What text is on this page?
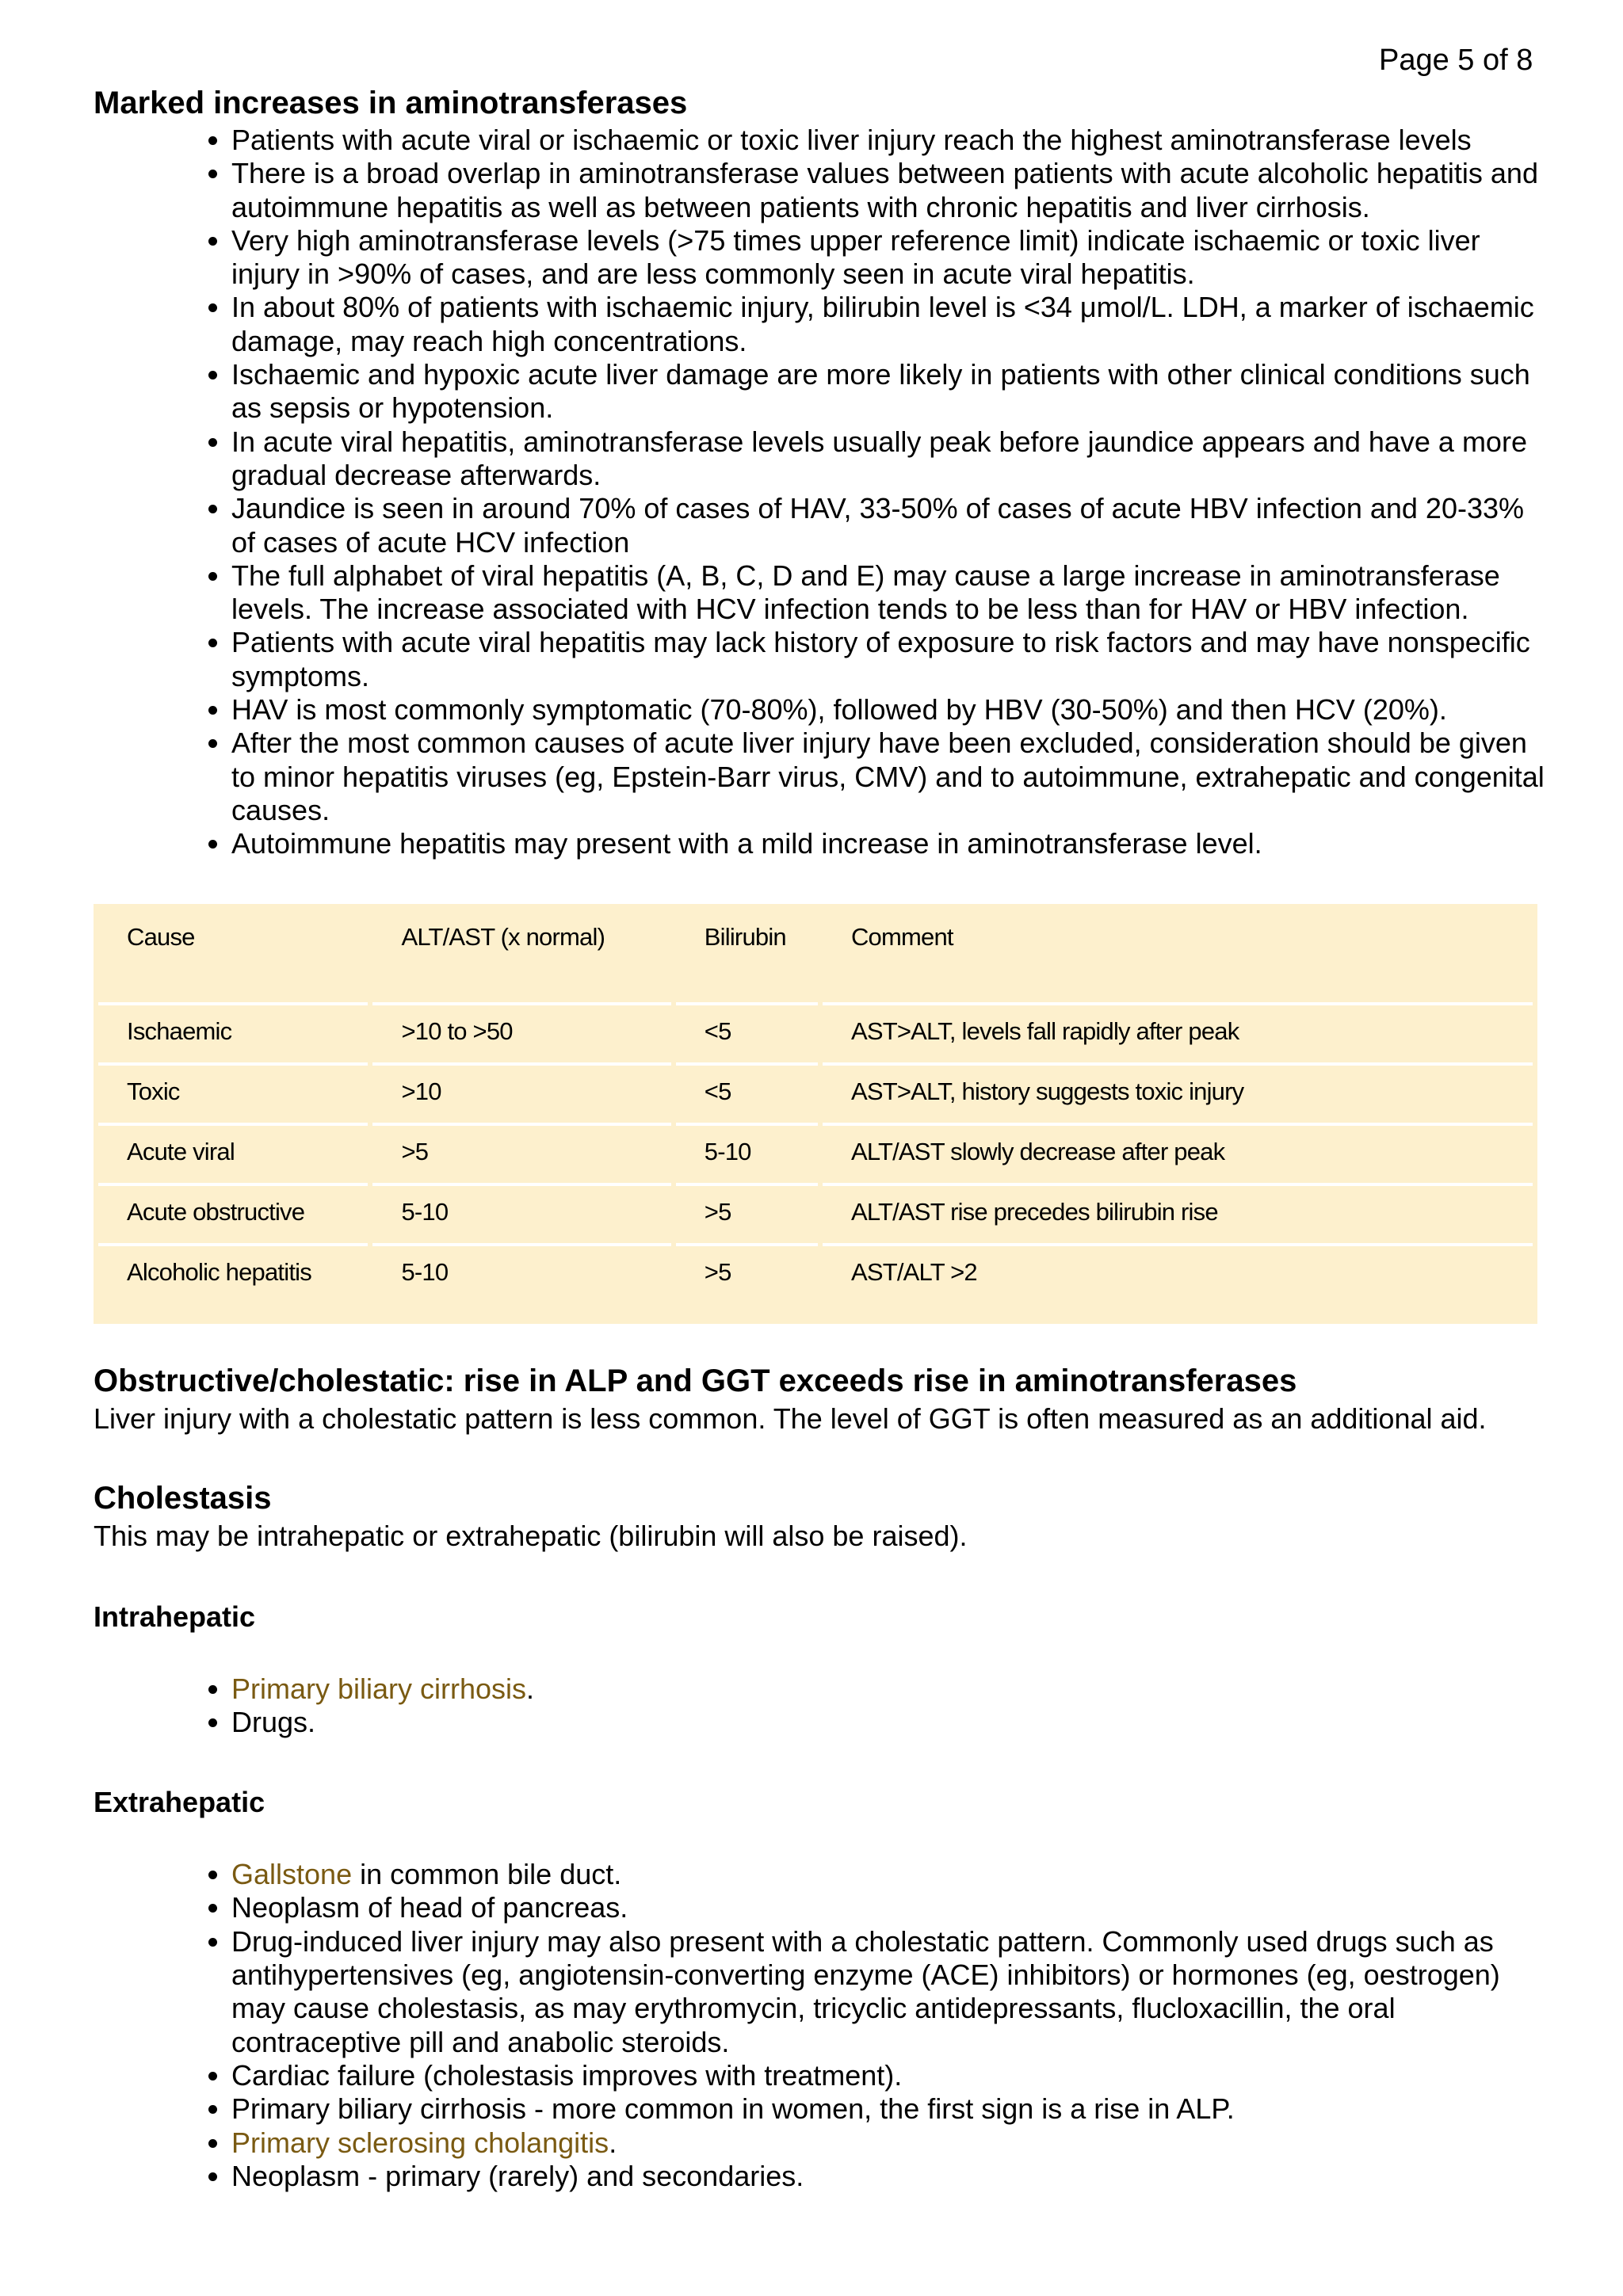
Page 5 of 8
Marked increases in aminotransferases
• Patients with acute viral or ischaemic or toxic liver injury reach the highest aminotransferase levels
• There is a broad overlap in aminotransferase values between patients with acute alcoholic hepatitis and autoimmune hepatitis as well as between patients with chronic hepatitis and liver cirrhosis.
• Very high aminotransferase levels (>75 times upper reference limit) indicate ischaemic or toxic liver injury in >90% of cases, and are less commonly seen in acute viral hepatitis.
• In about 80% of patients with ischaemic injury, bilirubin level is <34 μmol/L. LDH, a marker of ischaemic damage, may reach high concentrations.
• Ischaemic and hypoxic acute liver damage are more likely in patients with other clinical conditions such as sepsis or hypotension.
• In acute viral hepatitis, aminotransferase levels usually peak before jaundice appears and have a more gradual decrease afterwards.
• Jaundice is seen in around 70% of cases of HAV, 33-50% of cases of acute HBV infection and 20-33% of cases of acute HCV infection
• The full alphabet of viral hepatitis (A, B, C, D and E) may cause a large increase in aminotransferase levels. The increase associated with HCV infection tends to be less than for HAV or HBV infection.
• Patients with acute viral hepatitis may lack history of exposure to risk factors and may have nonspecific symptoms.
• HAV is most commonly symptomatic (70-80%), followed by HBV (30-50%) and then HCV (20%).
• After the most common causes of acute liver injury have been excluded, consideration should be given to minor hepatitis viruses (eg, Epstein-Barr virus, CMV) and to autoimmune, extrahepatic and congenital causes.
• Autoimmune hepatitis may present with a mild increase in aminotransferase level.
Cause	ALT/AST (x normal)	Bilirubin	Comment
Ischaemic	>10 to >50	<5	AST>ALT, levels fall rapidly after peak
Toxic	>10	<5	AST>ALT, history suggests toxic injury
Acute viral	>5	5-10	ALT/AST slowly decrease after peak
Acute obstructive	5-10	>5	ALT/AST rise precedes bilirubin rise
Alcoholic hepatitis	5-10	>5	AST/ALT >2
Obstructive/cholestatic: rise in ALP and GGT exceeds rise in aminotransferases

Liver injury with a cholestatic pattern is less common. The level of GGT is often measured as an additional aid.

Cholestasis

This may be intrahepatic or extrahepatic (bilirubin will also be raised).

Intrahepatic
• Primary biliary cirrhosis.
• Drugs.
Extrahepatic
• Gallstone in common bile duct.
• Neoplasm of head of pancreas.
• Drug-induced liver injury may also present with a cholestatic pattern. Commonly used drugs such as antihypertensives (eg, angiotensin-converting enzyme (ACE) inhibitors) or hormones (eg, oestrogen) may cause cholestasis, as may erythromycin, tricyclic antidepressants, flucloxacillin, the oral contraceptive pill and anabolic steroids.
• Cardiac failure (cholestasis improves with treatment).
• Primary biliary cirrhosis - more common in women, the first sign is a rise in ALP.
• Primary sclerosing cholangitis.
• Neoplasm - primary (rarely) and secondaries.
